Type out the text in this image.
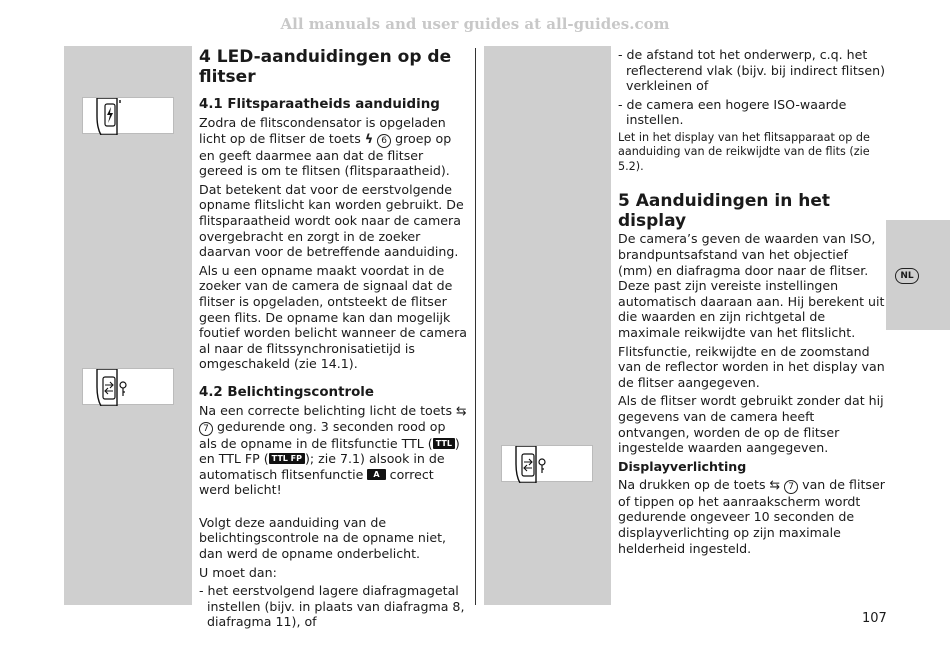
All manuals and user guides at all-guides.com
4 LED-aanduidingen op de flitser
4.1 Flitsparaatheids aanduiding

Zodra de flitscondensator is opgeladen licht op de flitser de toets ϟ 6 groep op en geeft daarmee aan dat de flitser gereed is om te flitsen (flitsparaatheid).

Dat betekent dat voor de eerstvolgende opname flitslicht kan worden gebruikt. De flitsparaatheid wordt ook naar de camera overgebracht en zorgt in de zoeker daarvan voor de betreffende aanduiding.

Als u een opname maakt voordat in de zoeker van de camera de signaal dat de flitser is opgeladen, ontsteekt de flitser geen flits. De opname kan dan mogelijk foutief worden belicht wanneer de camera al naar de flitssynchronisatietijd is omgeschakeld (zie 14.1).

4.2 Belichtingscontrole

Na een correcte belichting licht de toets ⇆ 7 gedurende ong. 3 seconden rood op als de opname in de flitsfunctie TTL ( TTL ) en TTL FP ( TTL FP ); zie 7.1) alsook in de automatisch flitsenfunctie A correct werd belicht!

Volgt deze aanduiding van de belichtingscontrole na de opname niet, dan werd de opname onderbelicht.

U moet dan:

- het eerstvolgend lagere diafragmagetal instellen (bijv. in plaats van diafragma 8, diafragma 11), of

- de afstand tot het onderwerp, c.q. het reflecterend vlak (bijv. bij indirect flitsen) verkleinen of

- de camera een hogere ISO-waarde instellen.

Let in het display van het flitsapparaat op de aanduiding van de reikwijdte van de flits (zie 5.2).

5 Aanduidingen in het display

De camera’s geven de waarden van ISO, brandpuntsafstand van het objectief (mm) en diafragma door naar de flitser.

Deze past zijn vereiste instellingen automatisch daaraan aan. Hij berekent uit die waarden en zijn richtgetal de maximale reikwijdte van het flitslicht.

Flitsfunctie, reikwijdte en de zoomstand van de reflector worden in het display van de flitser aangegeven.

Als de flitser wordt gebruikt zonder dat hij gegevens van de camera heeft ontvangen, worden de op de flitser ingestelde waarden aangegeven.

Displayverlichting

Na drukken op de toets ⇆ 7 van de flitser of tippen op het aanraakscherm wordt gedurende ongeveer 10 seconden de displayverlichting op zijn maximale helderheid ingesteld.

NL
107
